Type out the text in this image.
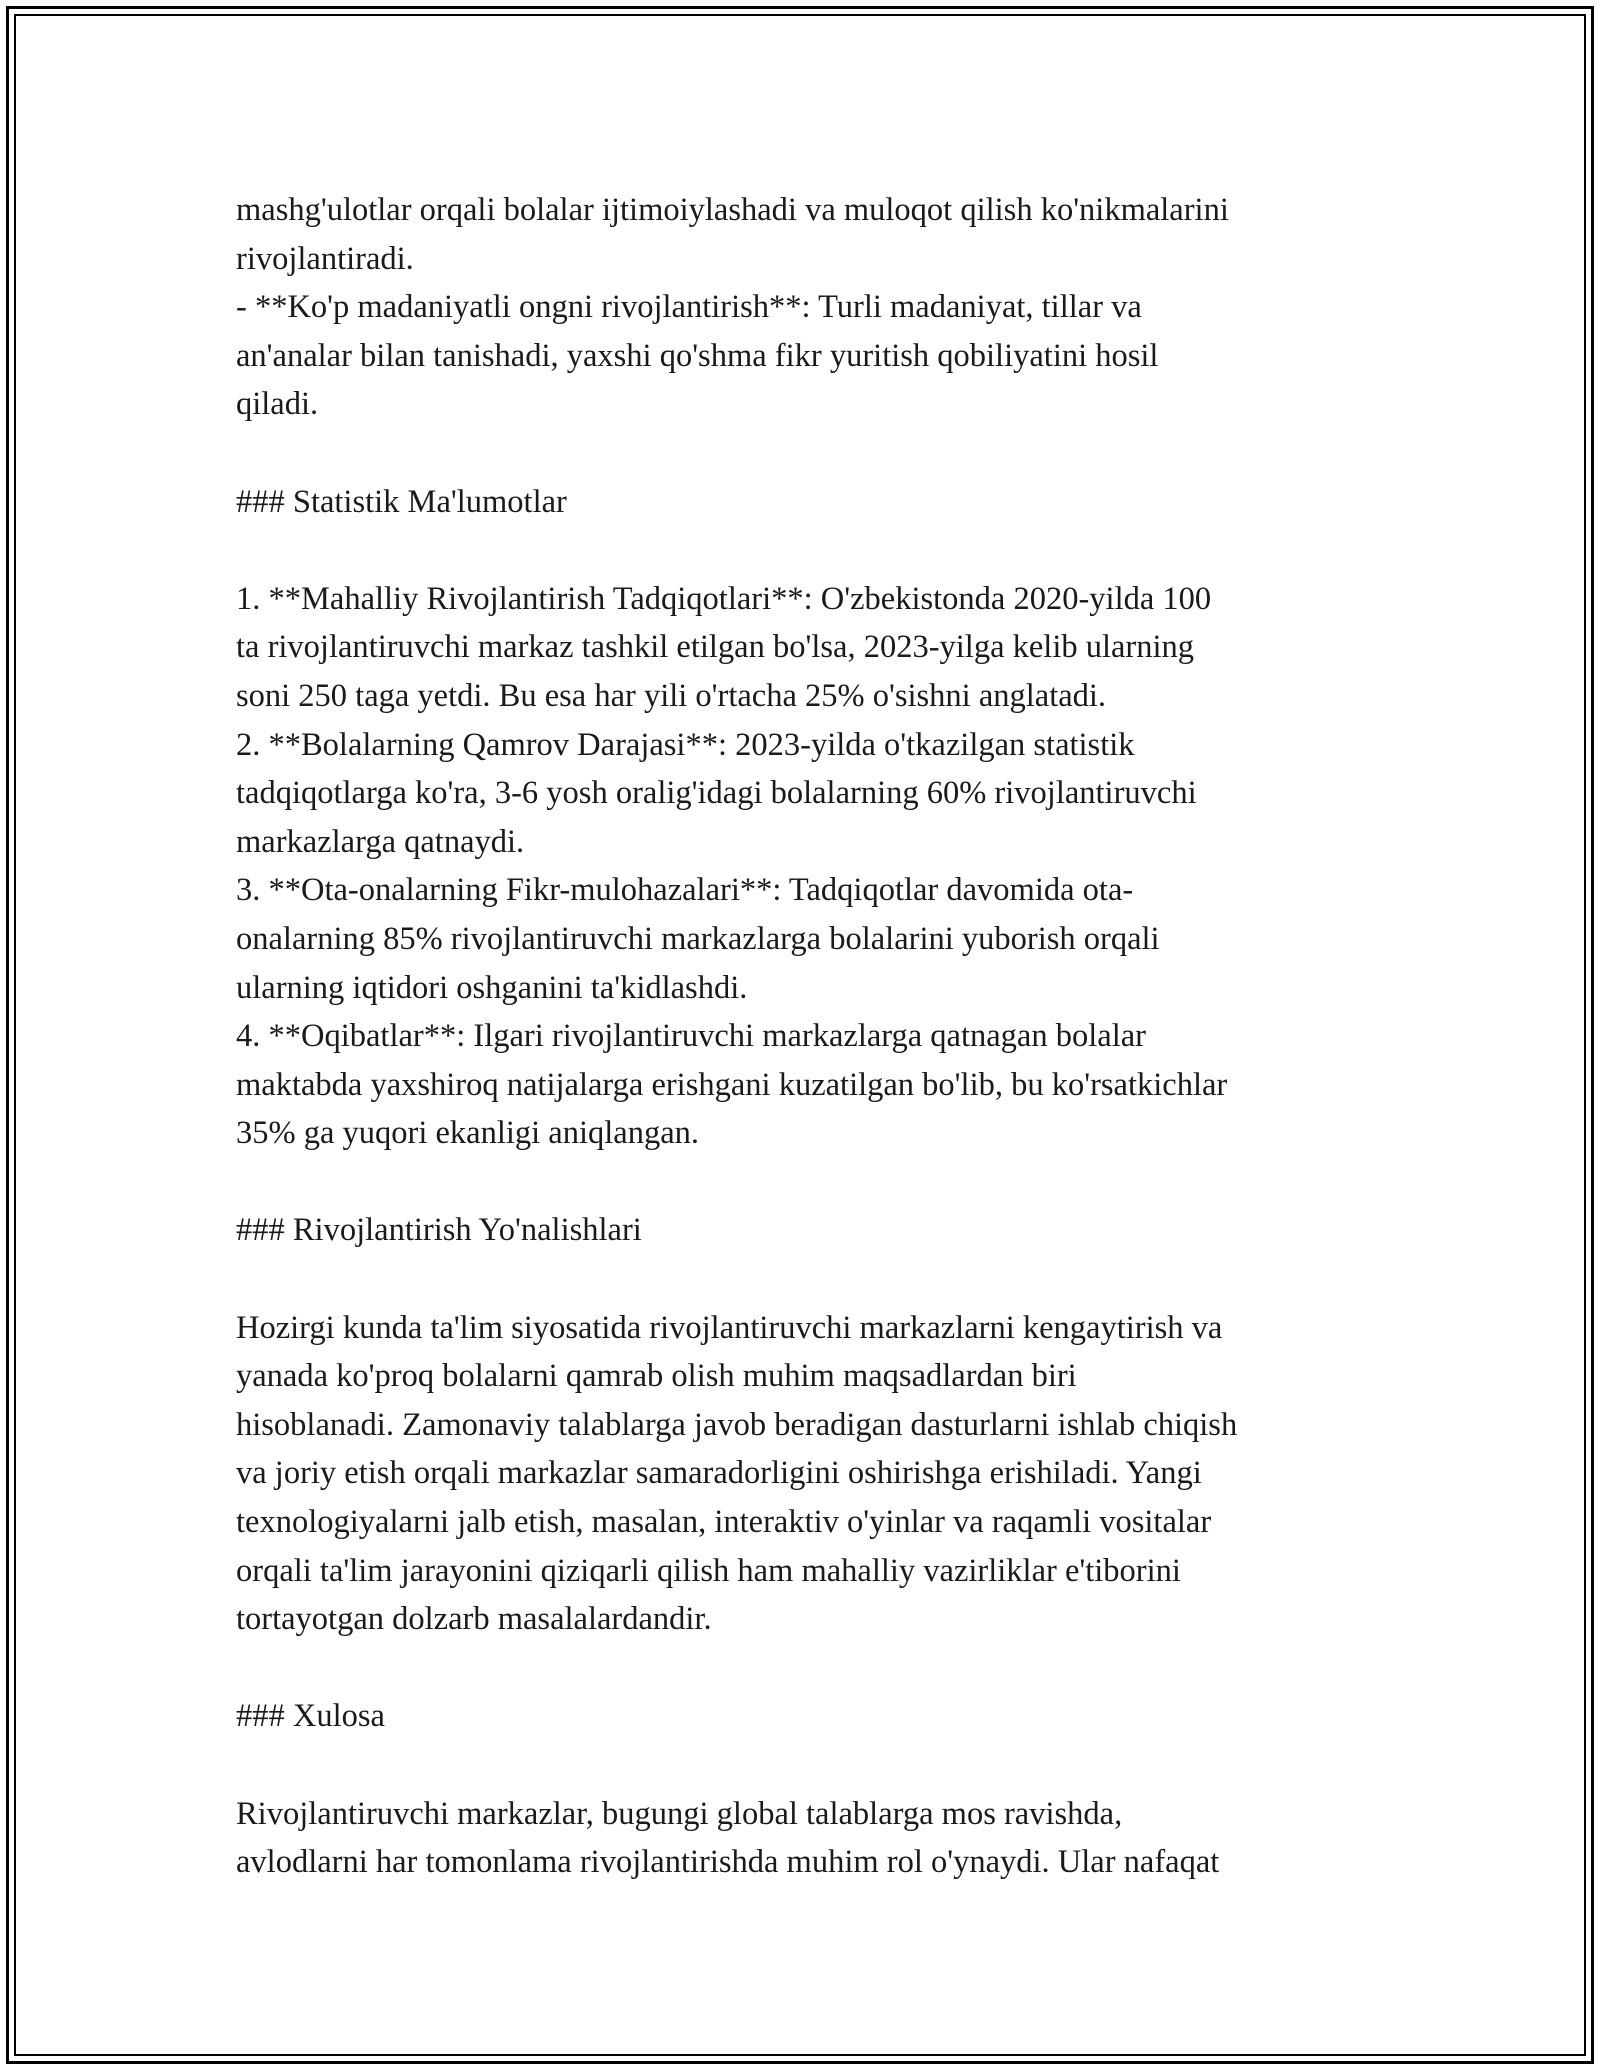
mashg'ulotlar orqali bolalar ijtimoiylashadi va muloqot qilish ko'nikmalarini
rivojlantiradi.
- **Ko'p madaniyatli ongni rivojlantirish**: Turli madaniyat, tillar va
an'analar bilan tanishadi, yaxshi qo'shma fikr yuritish qobiliyatini hosil
qiladi.
### Statistik Ma'lumotlar
1. **Mahalliy Rivojlantirish Tadqiqotlari**: O'zbekistonda 2020-yilda 100
ta rivojlantiruvchi markaz tashkil etilgan bo'lsa, 2023-yilga kelib ularning
soni 250 taga yetdi. Bu esa har yili o'rtacha 25% o'sishni anglatadi.
2. **Bolalarning Qamrov Darajasi**: 2023-yilda o'tkazilgan statistik
tadqiqotlarga ko'ra, 3-6 yosh oralig'idagi bolalarning 60% rivojlantiruvchi
markazlarga qatnaydi.
3. **Ota-onalarning Fikr-mulohazalari**: Tadqiqotlar davomida ota-
onalarning 85% rivojlantiruvchi markazlarga bolalarini yuborish orqali
ularning iqtidori oshganini ta'kidlashdi.
4. **Oqibatlar**: Ilgari rivojlantiruvchi markazlarga qatnagan bolalar
maktabda yaxshiroq natijalarga erishgani kuzatilgan bo'lib, bu ko'rsatkichlar
35% ga yuqori ekanligi aniqlangan.
### Rivojlantirish Yo'nalishlari
Hozirgi kunda ta'lim siyosatida rivojlantiruvchi markazlarni kengaytirish va
yanada ko'proq bolalarni qamrab olish muhim maqsadlardan biri
hisoblanadi. Zamonaviy talablarga javob beradigan dasturlarni ishlab chiqish
va joriy etish orqali markazlar samaradorligini oshirishga erishiladi. Yangi
texnologiyalarni jalb etish, masalan, interaktiv o'yinlar va raqamli vositalar
orqali ta'lim jarayonini qiziqarli qilish ham mahalliy vazirliklar e'tiborini
tortayotgan dolzarb masalalardandir.
### Xulosa
Rivojlantiruvchi markazlar, bugungi global talablarga mos ravishda,
avlodlarni har tomonlama rivojlantirishda muhim rol o'ynaydi. Ular nafaqat
